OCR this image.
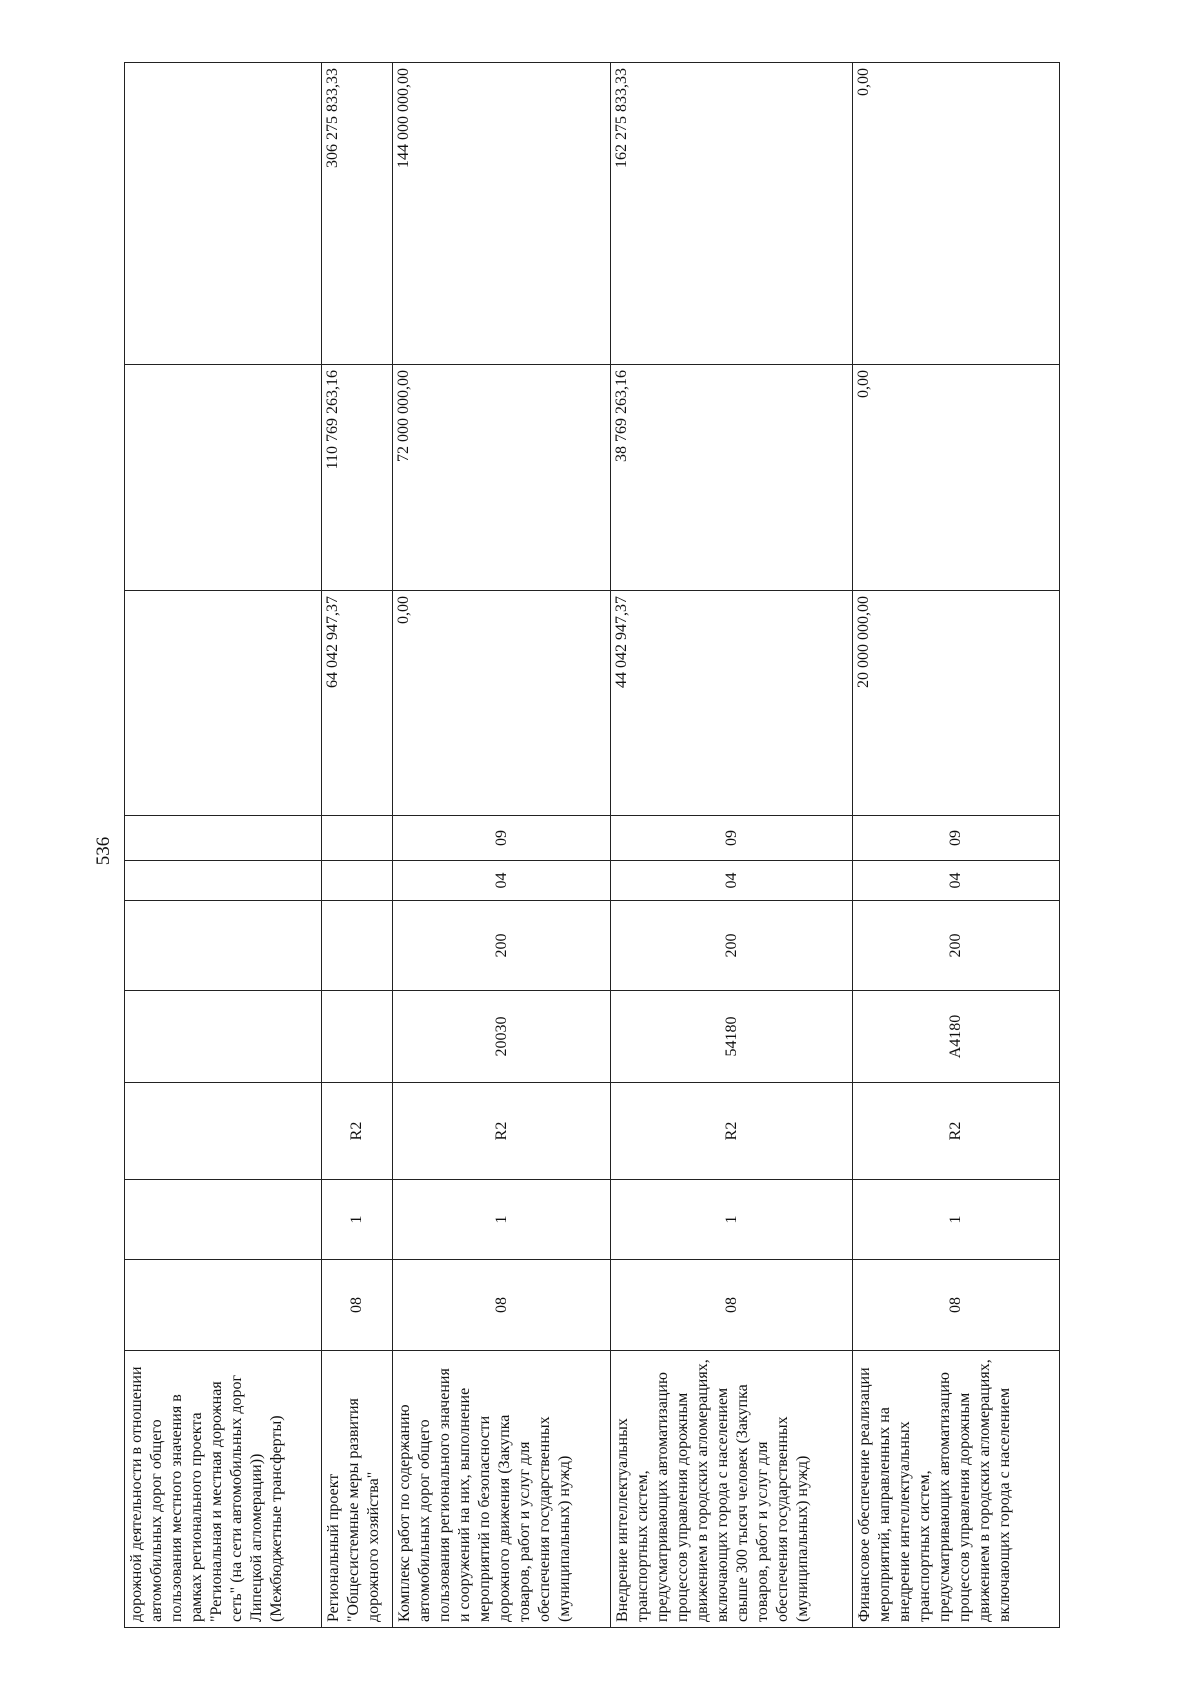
536
дорожной деятельности в отношении автомобильных дорог общего пользования местного значения в рамках регионального проекта "Региональная и местная дорожная сеть" (на сети автомобильных дорог Липецкой агломерации)) (Межбюджетные трансферты)										
Региональный проект "Общесистемные меры развития дорожного хозяйства"	08	1	R2					64 042 947,37	110 769 263,16	306 275 833,33
Комплекс работ по содержанию автомобильных дорог общего пользования регионального значения и сооружений на них, выполнение мероприятий по безопасности дорожного движения (Закупка товаров, работ и услуг для обеспечения государственных (муниципальных) нужд)	08	1	R2	20030	200	04	09	0,00	72 000 000,00	144 000 000,00
Внедрение интеллектуальных транспортных систем, предусматривающих автоматизацию процессов управления дорожным движением в городских агломерациях, включающих города с населением свыше 300 тысяч человек (Закупка товаров, работ и услуг для обеспечения государственных (муниципальных) нужд)	08	1	R2	54180	200	04	09	44 042 947,37	38 769 263,16	162 275 833,33
Финансовое обеспечение реализации мероприятий, направленных на внедрение интеллектуальных транспортных систем, предусматривающих автоматизацию процессов управления дорожным движением в городских агломерациях, включающих города с населением	08	1	R2	A4180	200	04	09	20 000 000,00	0,00	0,00
